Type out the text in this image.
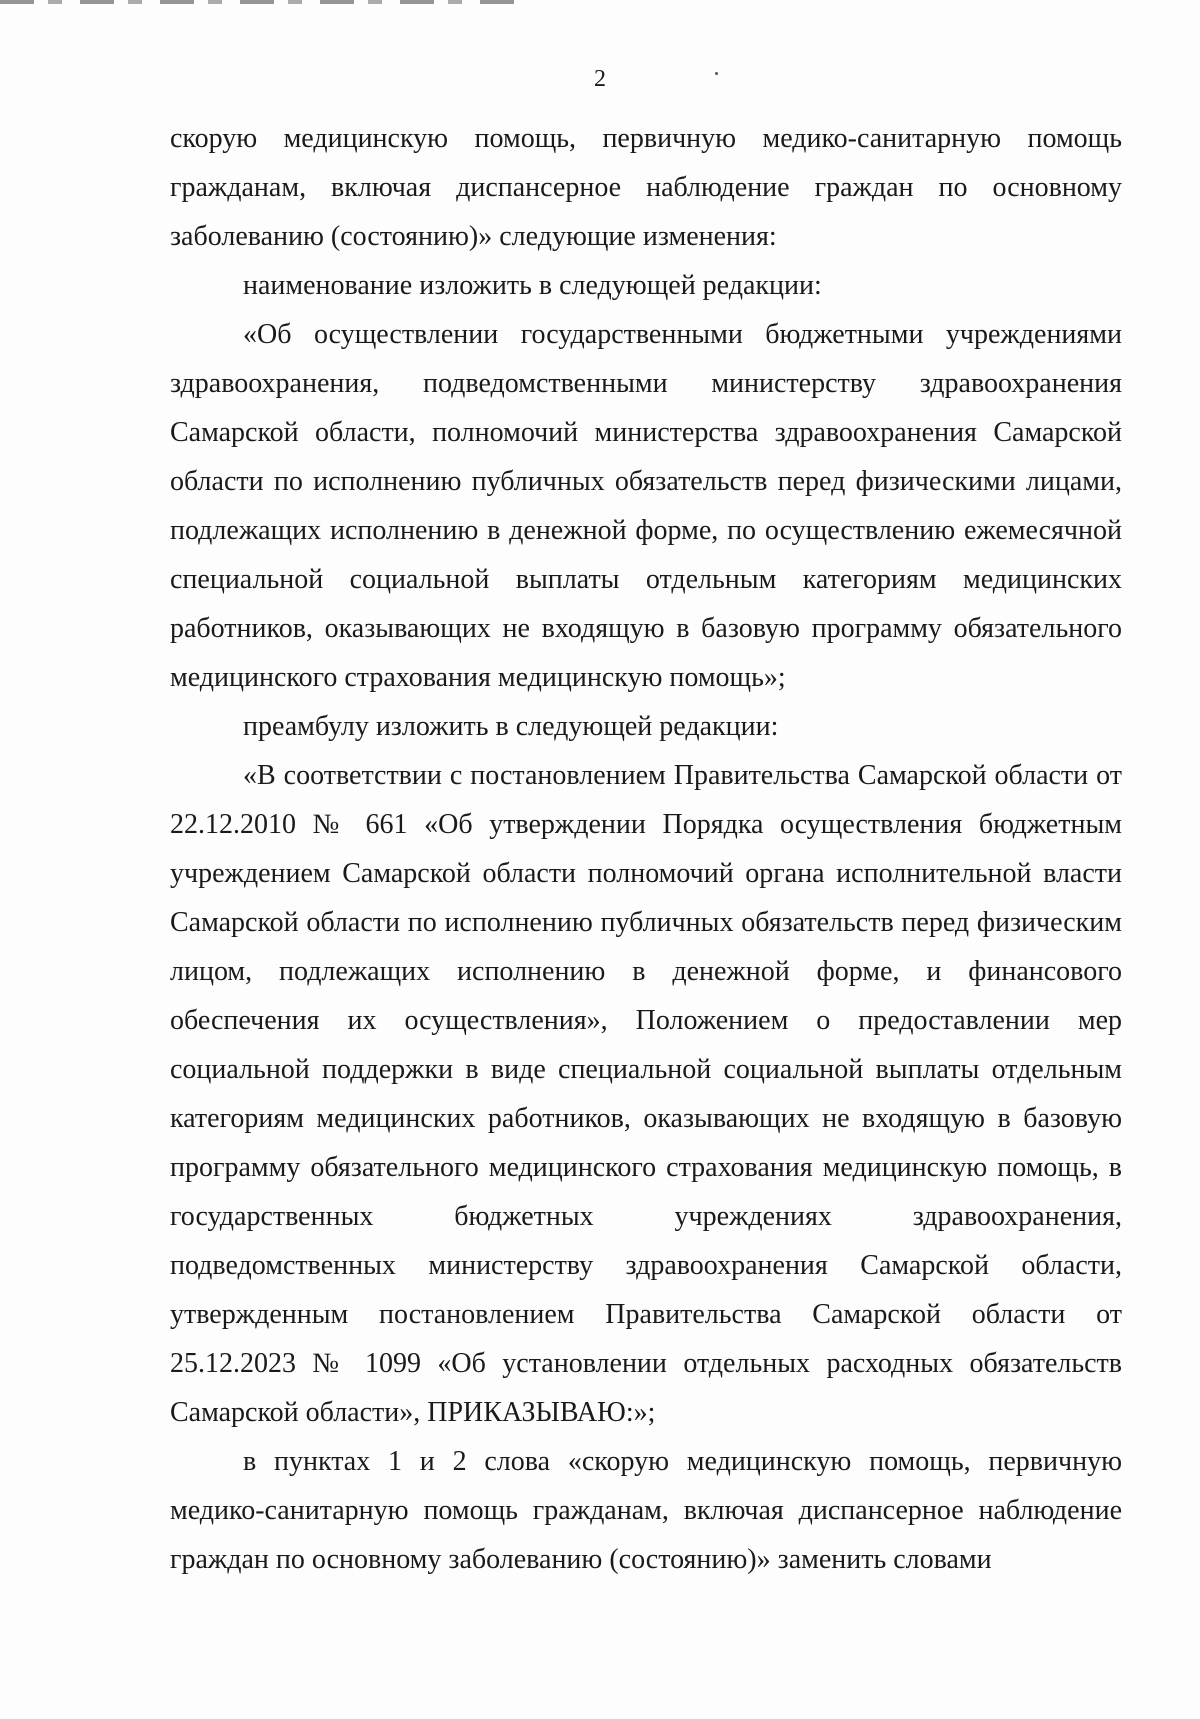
2

скорую медицинскую помощь, первичную медико-санитарную помощь гражданам, включая диспансерное наблюдение граждан по основному заболеванию (состоянию)» следующие изменения:

наименование изложить в следующей редакции:

«Об осуществлении государственными бюджетными учреждениями здравоохранения, подведомственными министерству здравоохранения Самарской области, полномочий министерства здравоохранения Самарской области по исполнению публичных обязательств перед физическими лицами, подлежащих исполнению в денежной форме, по осуществлению ежемесячной специальной социальной выплаты отдельным категориям медицинских работников, оказывающих не входящую в базовую программу обязательного медицинского страхования медицинскую помощь»;

преамбулу изложить в следующей редакции:

«В соответствии с постановлением Правительства Самарской области от 22.12.2010 № 661 «Об утверждении Порядка осуществления бюджетным учреждением Самарской области полномочий органа исполнительной власти Самарской области по исполнению публичных обязательств перед физическим лицом, подлежащих исполнению в денежной форме, и финансового обеспечения их осуществления», Положением о предоставлении мер социальной поддержки в виде специальной социальной выплаты отдельным категориям медицинских работников, оказывающих не входящую в базовую программу обязательного медицинского страхования медицинскую помощь, в государственных бюджетных учреждениях здравоохранения, подведомственных министерству здравоохранения Самарской области, утвержденным постановлением Правительства Самарской области от 25.12.2023 № 1099 «Об установлении отдельных расходных обязательств Самарской области», ПРИКАЗЫВАЮ:»;

в пунктах 1 и 2 слова «скорую медицинскую помощь, первичную медико-санитарную помощь гражданам, включая диспансерное наблюдение граждан по основному заболеванию (состоянию)» заменить словами
